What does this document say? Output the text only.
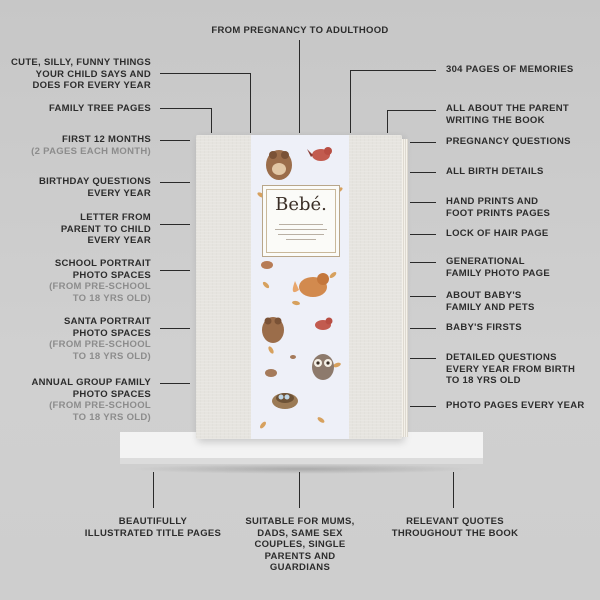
FROM PREGNANCY TO ADULTHOOD
CUTE, SILLY, FUNNY THINGS
YOUR CHILD SAYS AND
DOES FOR EVERY YEAR
FAMILY TREE PAGES
FIRST 12 MONTHS
(2 PAGES EACH MONTH)
BIRTHDAY QUESTIONS
EVERY YEAR
LETTER FROM
PARENT TO CHILD
EVERY YEAR
SCHOOL PORTRAIT
PHOTO SPACES
(FROM PRE-SCHOOL
TO 18 YRS OLD)
SANTA PORTRAIT
PHOTO SPACES
(FROM PRE-SCHOOL
TO 18 YRS OLD)
ANNUAL GROUP FAMILY
PHOTO SPACES
(FROM PRE-SCHOOL
TO 18 YRS OLD)
304 PAGES OF MEMORIES
ALL ABOUT THE PARENT
WRITING THE BOOK
PREGNANCY QUESTIONS
ALL BIRTH DETAILS
HAND PRINTS AND
FOOT PRINTS PAGES
LOCK OF HAIR PAGE
GENERATIONAL
FAMILY PHOTO PAGE
ABOUT BABY'S
FAMILY AND PETS
BABY'S FIRSTS
DETAILED QUESTIONS
EVERY YEAR FROM BIRTH
TO 18 YRS OLD
PHOTO PAGES EVERY YEAR
Bebé.
BEAUTIFULLY
ILLUSTRATED TITLE PAGES
SUITABLE FOR MUMS,
DADS, SAME SEX
COUPLES, SINGLE
PARENTS AND
GUARDIANS
RELEVANT QUOTES
THROUGHOUT THE BOOK
